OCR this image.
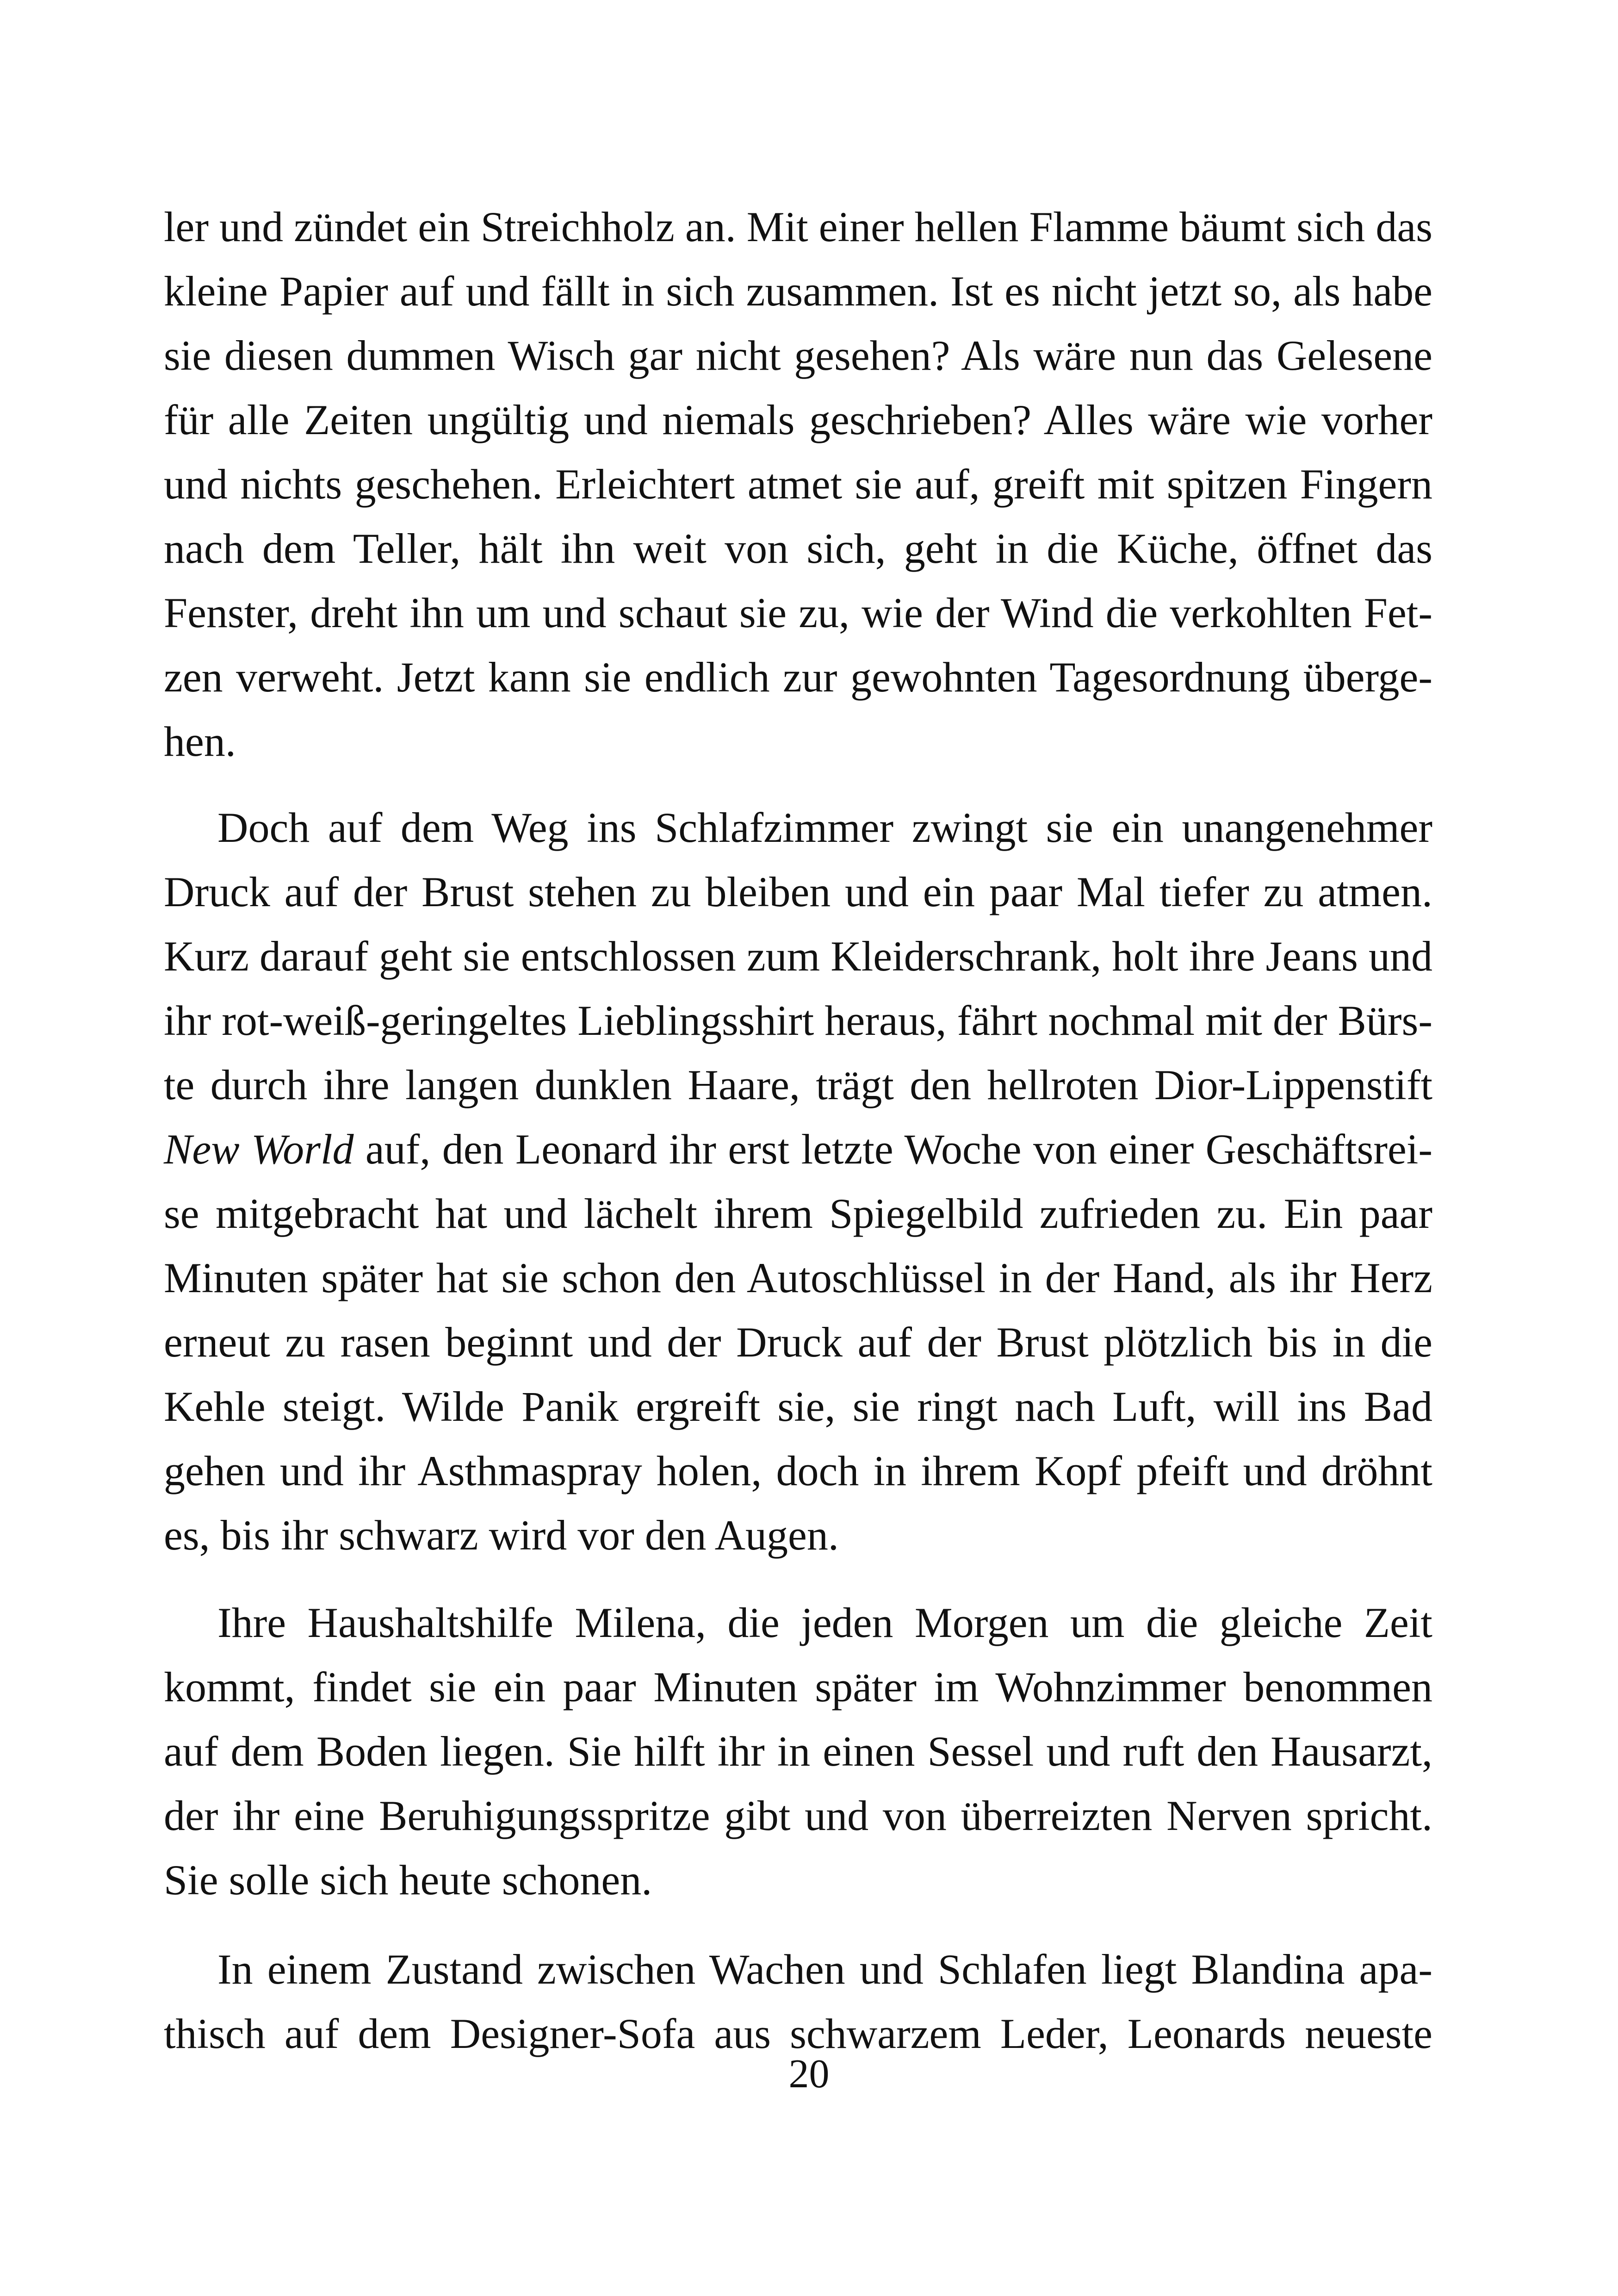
ler und zündet ein Streichholz an. Mit einer hellen Flamme bäumt sich das
kleine Papier auf und fällt in sich zusammen. Ist es nicht jetzt so, als habe
sie diesen dummen Wisch gar nicht gesehen? Als wäre nun das Gelesene
für alle Zeiten ungültig und niemals geschrieben? Alles wäre wie vorher
und nichts geschehen. Erleichtert atmet sie auf, greift mit spitzen Fingern
nach dem Teller, hält ihn weit von sich, geht in die Küche, öffnet das
Fenster, dreht ihn um und schaut sie zu, wie der Wind die verkohlten Fet-
zen verweht. Jetzt kann sie endlich zur gewohnten Tagesordnung überge-
hen.
Doch auf dem Weg ins Schlafzimmer zwingt sie ein unangenehmer
Druck auf der Brust stehen zu bleiben und ein paar Mal tiefer zu atmen.
Kurz darauf geht sie entschlossen zum Kleiderschrank, holt ihre Jeans und
ihr rot-weiß-geringeltes Lieblingsshirt heraus, fährt nochmal mit der Bürs-
te durch ihre langen dunklen Haare, trägt den hellroten Dior-Lippenstift
New World auf, den Leonard ihr erst letzte Woche von einer Geschäftsrei-
se mitgebracht hat und lächelt ihrem Spiegelbild zufrieden zu. Ein paar
Minuten später hat sie schon den Autoschlüssel in der Hand, als ihr Herz
erneut zu rasen beginnt und der Druck auf der Brust plötzlich bis in die
Kehle steigt. Wilde Panik ergreift sie, sie ringt nach Luft, will ins Bad
gehen und ihr Asthmaspray holen, doch in ihrem Kopf pfeift und dröhnt
es, bis ihr schwarz wird vor den Augen.
Ihre Haushaltshilfe Milena, die jeden Morgen um die gleiche Zeit
kommt, findet sie ein paar Minuten später im Wohnzimmer benommen
auf dem Boden liegen. Sie hilft ihr in einen Sessel und ruft den Hausarzt,
der ihr eine Beruhigungsspritze gibt und von überreizten Nerven spricht.
Sie solle sich heute schonen.
In einem Zustand zwischen Wachen und Schlafen liegt Blandina apa-
thisch auf dem Designer-Sofa aus schwarzem Leder, Leonards neueste
20
